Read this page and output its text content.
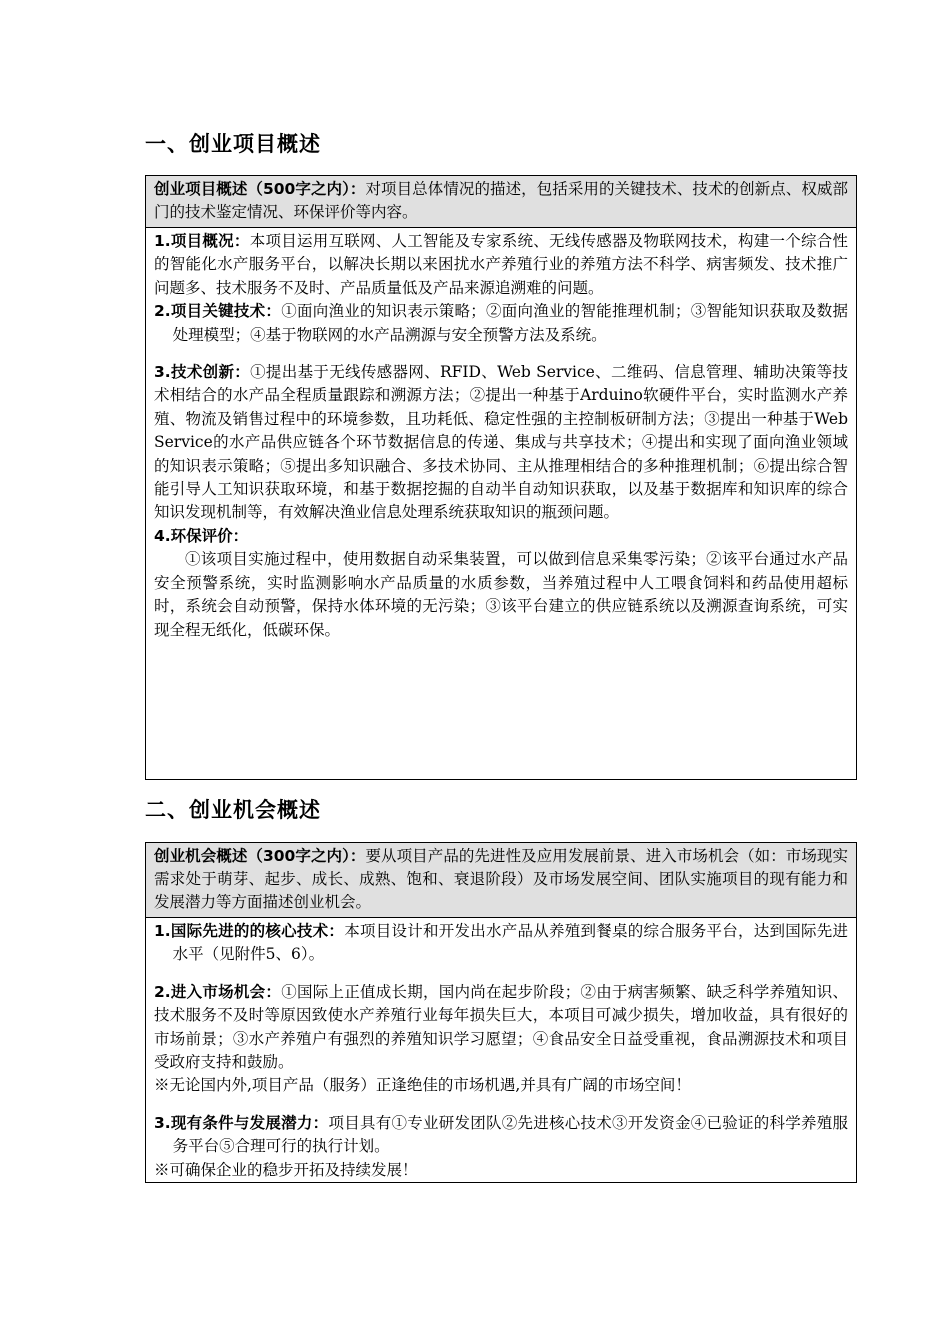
一、创业项目概述
创业项目概述（500字之内）：对项目总体情况的描述，包括采用的关键技术、技术的创新点、权威部门的技术鉴定情况、环保评价等内容。

1.项目概况：本项目运用互联网、人工智能及专家系统、无线传感器及物联网技术，构建一个综合性的智能化水产服务平台，以解决长期以来困扰水产养殖行业的养殖方法不科学、病害频发、技术推广问题多、技术服务不及时、产品质量低及产品来源追溯难的问题。

2.项目关键技术：①面向渔业的知识表示策略；②面向渔业的智能推理机制；③智能知识获取及数据处理模型；④基于物联网的水产品溯源与安全预警方法及系统。

3.技术创新：①提出基于无线传感器网、RFID、Web Service、二维码、信息管理、辅助决策等技术相结合的水产品全程质量跟踪和溯源方法；②提出一种基于Arduino软硬件平台，实时监测水产养殖、物流及销售过程中的环境参数，且功耗低、稳定性强的主控制板研制方法；③提出一种基于Web Service的水产品供应链各个环节数据信息的传递、集成与共享技术；④提出和实现了面向渔业领域的知识表示策略；⑤提出多知识融合、多技术协同、主从推理相结合的多种推理机制；⑥提出综合智能引导人工知识获取环境，和基于数据挖掘的自动半自动知识获取，以及基于数据库和知识库的综合知识发现机制等，有效解决渔业信息处理系统获取知识的瓶颈问题。

4.环保评价：

①该项目实施过程中，使用数据自动采集装置，可以做到信息采集零污染；②该平台通过水产品安全预警系统，实时监测影响水产品质量的水质参数，当养殖过程中人工喂食饲料和药品使用超标时，系统会自动预警，保持水体环境的无污染；③该平台建立的供应链系统以及溯源查询系统，可实现全程无纸化，低碳环保。

二、创业机会概述
创业机会概述（300字之内）：要从项目产品的先进性及应用发展前景、进入市场机会（如：市场现实需求处于萌芽、起步、成长、成熟、饱和、衰退阶段）及市场发展空间、团队实施项目的现有能力和发展潜力等方面描述创业机会。

1.国际先进的的核心技术：本项目设计和开发出水产品从养殖到餐桌的综合服务平台，达到国际先进水平（见附件5、6）。

2.进入市场机会：①国际上正值成长期，国内尚在起步阶段；②由于病害频繁、缺乏科学养殖知识、技术服务不及时等原因致使水产养殖行业每年损失巨大，本项目可减少损失，增加收益，具有很好的市场前景；③水产养殖户有强烈的养殖知识学习愿望；④食品安全日益受重视，食品溯源技术和项目受政府支持和鼓励。

※无论国内外,项目产品（服务）正逢绝佳的市场机遇,并具有广阔的市场空间！

3.现有条件与发展潜力：项目具有①专业研发团队②先进核心技术③开发资金④已验证的科学养殖服务平台⑤合理可行的执行计划。

※可确保企业的稳步开拓及持续发展！
